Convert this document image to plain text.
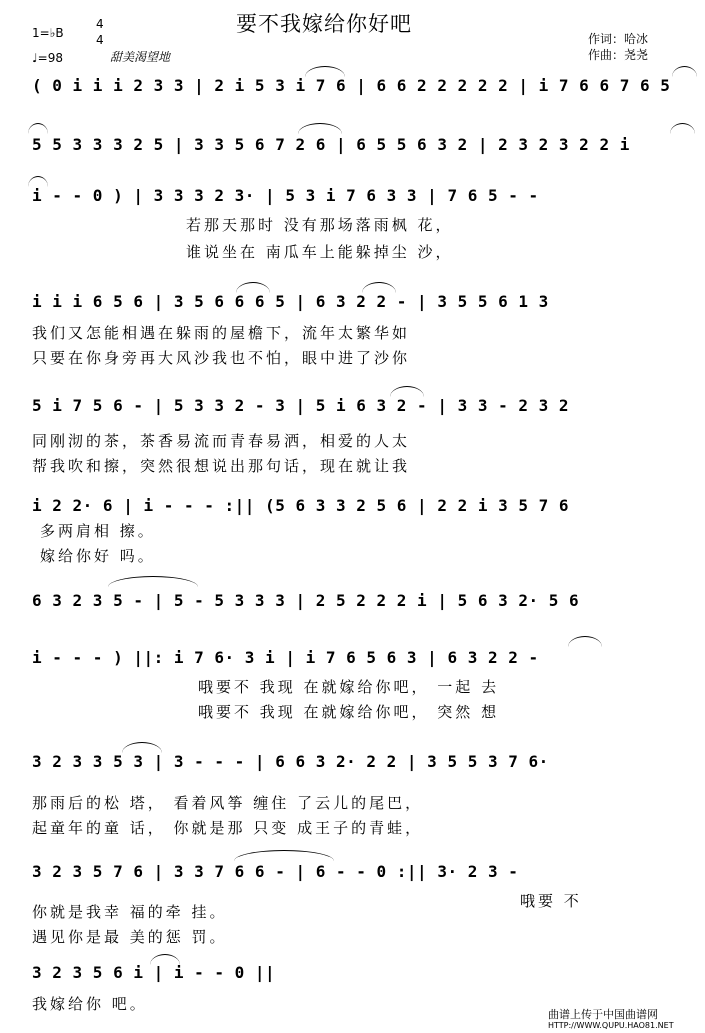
要不我嫁给你好吧
作词：哈冰
作曲：尧尧
1=♭B
4
4
♩=98	甜美渴望地
( 0 i i i 2 3 3 | 2 i 5 3 i 7 6 | 6 6 2 2 2 2 2 | i 7 6 6 7 6 5
5 5 3 3 3 2 5 | 3 3 5 6 7 2 6 | 6 5 5 6 3 2 | 2 3 2 3 2 2 i
i - - 0 ) | 3 3 3 2 3· | 5 3 i 7 6 3 3 | 7 6 5 - -
若那天那时 没有那场落雨枫 花，
谁说坐在 南瓜车上能躲掉尘 沙，
i i i 6 5 6 | 3 5 6 6 6 5 | 6 3 2 2 - | 3 5 5 6 1 3
我们又怎能相遇在躲雨的屋檐下，流年太繁华如
只要在你身旁再大风沙我也不怕，眼中进了沙你
5 i 7 5 6 - | 5 3 3 2 - 3 | 5 i 6 3 2 - | 3 3 - 2 3 2
同刚沏的茶，茶香易流而青春易洒，相爱的人太
帮我吹和擦，突然很想说出那句话，现在就让我
i 2 2· 6 | i - - - :|| (5 6 3 3 2 5 6 | 2 2 i 3 5 7 6
多两肩相 擦。
嫁给你好 吗。
6 3 2 3 5 - | 5 - 5 3 3 3 | 2 5 2 2 2 i | 5 6 3 2· 5 6
i - - - ) ||: i 7 6· 3 i | i 7 6 5 6 3 | 6 3 2 2 -
哦要不 我现 在就嫁给你吧， 一起 去
哦要不 我现 在就嫁给你吧， 突然 想
3 2 3 3 5 3 | 3 - - - | 6 6 3 2· 2 2 | 3 5 5 3 7 6·
那雨后的松 塔， 看着风筝 缠住 了云儿的尾巴，
起童年的童 话， 你就是那 只变 成王子的青蛙，
3 2 3 5 7 6 | 3 3 7 6 6 - | 6 - - 0 :|| 3· 2 3 -
你就是我幸 福的牵 挂。
遇见你是最 美的惩 罚。
哦要 不
3 2 3 5 6 i | i - - 0 ||
我嫁给你 吧。
曲谱上传于中国曲谱网
HTTP://WWW.QUPU.HAO81.NET
